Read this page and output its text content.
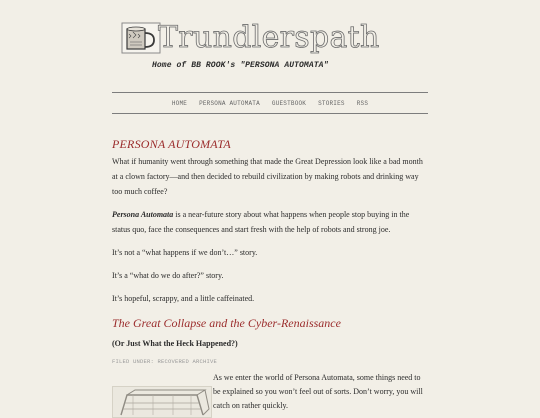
Trundlerspath
Home of BB ROOK's "PERSONA AUTOMATA"
HOME PERSONA AUTOMATA GUESTBOOK STORIES RSS
PERSONA AUTOMATA
What if humanity went through something that made the Great Depression look like a bad month at a clown factory—and then decided to rebuild civilization by making robots and drinking way too much coffee?
Persona Automata is a near-future story about what happens when people stop buying in the status quo, face the consequences and start fresh with the help of robots and strong joe.
It’s not a “what happens if we don’t…” story.
It’s a “what do we do after?” story.
It’s hopeful, scrappy, and a little caffeinated.
The Great Collapse and the Cyber-Renaissance
(Or Just What the Heck Happened?)
FILED UNDER: RECOVERED ARCHIVE
As we enter the world of Persona Automata, some things need to be explained so you won’t feel out of sorts. Don’t worry, you will catch on rather quickly.
